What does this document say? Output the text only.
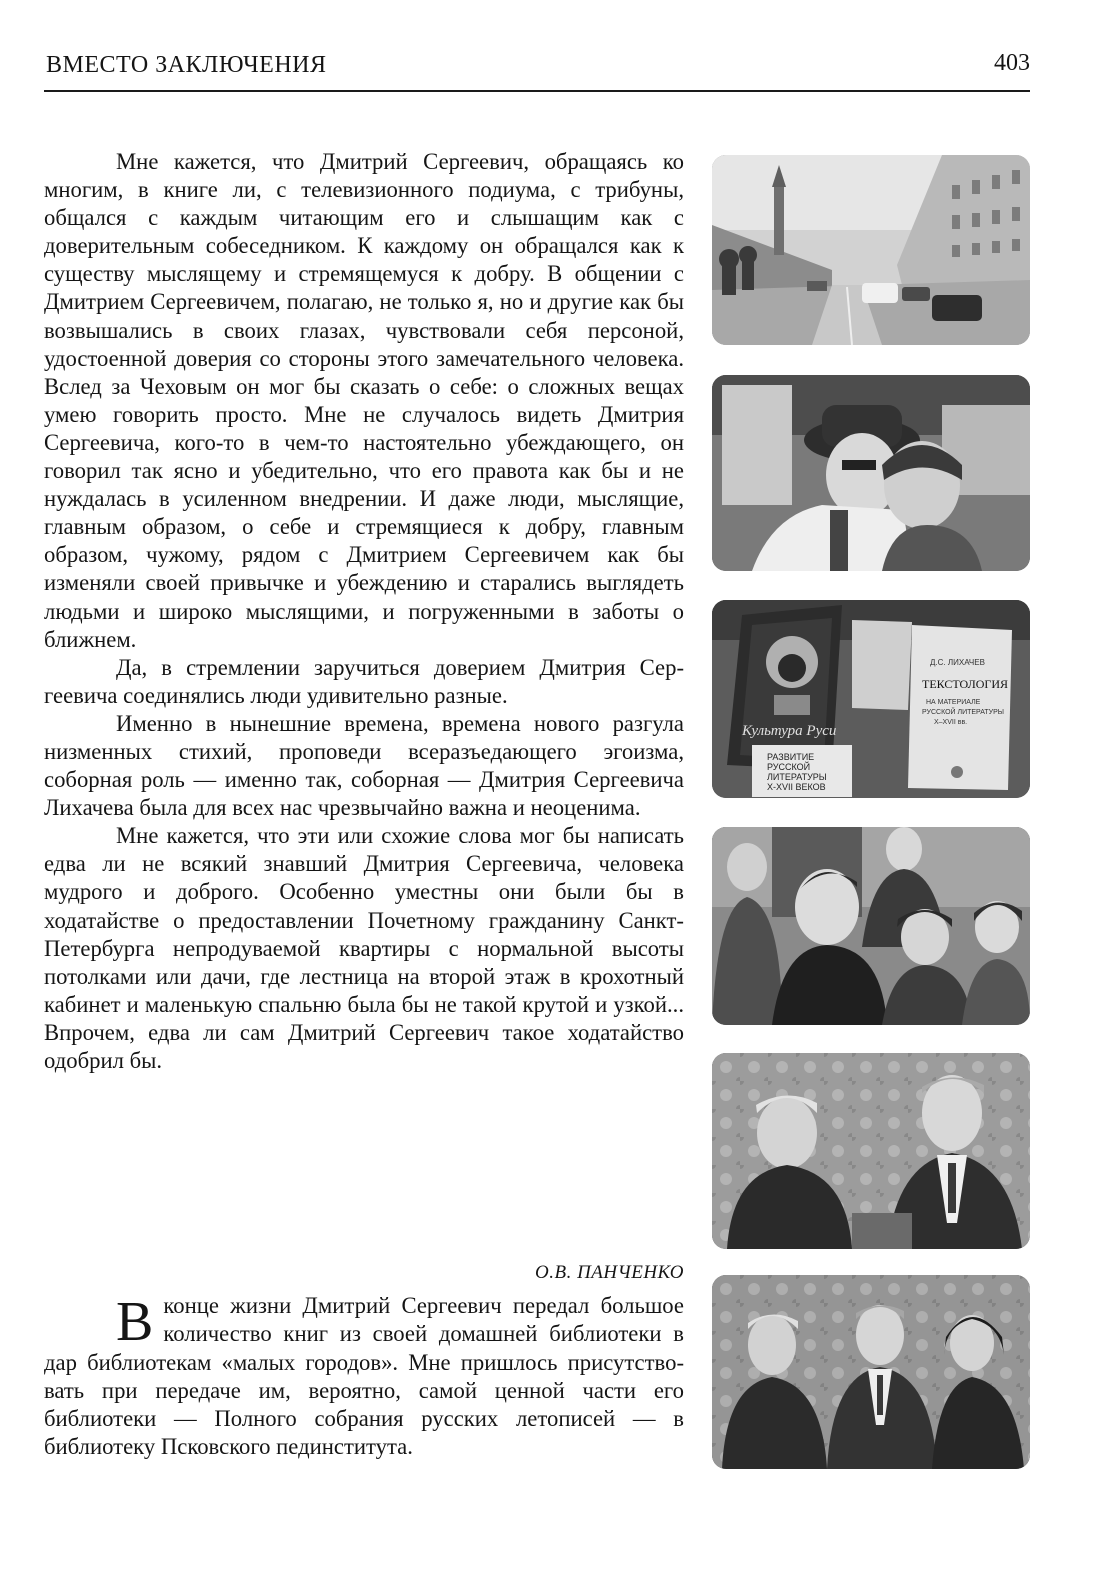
ВМЕСТО ЗАКЛЮЧЕНИЯ	403

Мне кажется, что Дмитрий Сергеевич, обращаясь ко многим, в книге ли, с телевизионного подиума, с трибуны, общался с каждым читающим его и слышащим как с доверительным собеседником. К каждому он обращался как к существу мыслящему и стремящемуся к добру. В общении с Дмитрием Сергеевичем, полагаю, не только я, но и другие как бы возвышались в своих глазах, чувствовали себя персоной, удостоенной доверия со стороны этого замечательного человека. Вслед за Чеховым он мог бы сказать о себе: о сложных вещах умею говорить просто. Мне не случалось видеть Дмитрия Сергеевича, кого-то в чем-то настоятельно убеждающего, он говорил так ясно и убедительно, что его правота как бы и не нуждалась в усиленном внедрении. И даже люди, мыслящие, главным образом, о себе и стремящиеся к добру, главным образом, чужому, рядом с Дмитрием Сергеевичем как бы изменяли своей привычке и убеждению и старались выглядеть людьми и широко мыслящими, и погруженными в заботы о ближнем.

Да, в стремлении заручиться доверием Дмитрия Сергеевича соединялись люди удивительно разные.

Именно в нынешние времена, времена нового разгула низменных стихий, проповеди всеразъедающего эгоизма, соборная роль — именно так, соборная — Дмитрия Сергеевича Лихачева была для всех нас чрезвычайно важна и неоценима.

Мне кажется, что эти или схожие слова мог бы написать едва ли не всякий знавший Дмитрия Сергеевича, человека мудрого и доброго. Особенно уместны они были бы в ходатайстве о предоставлении Почетному гражданину Санкт-Петербурга непродуваемой квартиры с нормальной высоты потолками или дачи, где лестница на второй этаж в крохотный кабинет и маленькую спальню была бы не такой крутой и узкой... Впрочем, едва ли сам Дмитрий Сергеевич такое ходатайство одобрил бы.

О.В. ПАНЧЕНКО

В конце жизни Дмитрий Сергеевич передал большое количество книг из своей домашней библиотеки в дар библиотекам «малых городов». Мне пришлось присутствовать при передаче им, вероятно, самой ценной части его библиотеки — Полного собрания русских летописей — в библиотеку Псковского пединститута.

Культура Руси
РАЗВИТИЕ
РУССКОЙ
ЛИТЕРАТУРЫ
X-XVII ВЕКОВ
Д.С. ЛИХАЧЕВ
ТЕКСТОЛОГИЯ
НА МАТЕРИАЛЕ
РУССКОЙ ЛИТЕРАТУРЫ
X–XVII вв.
